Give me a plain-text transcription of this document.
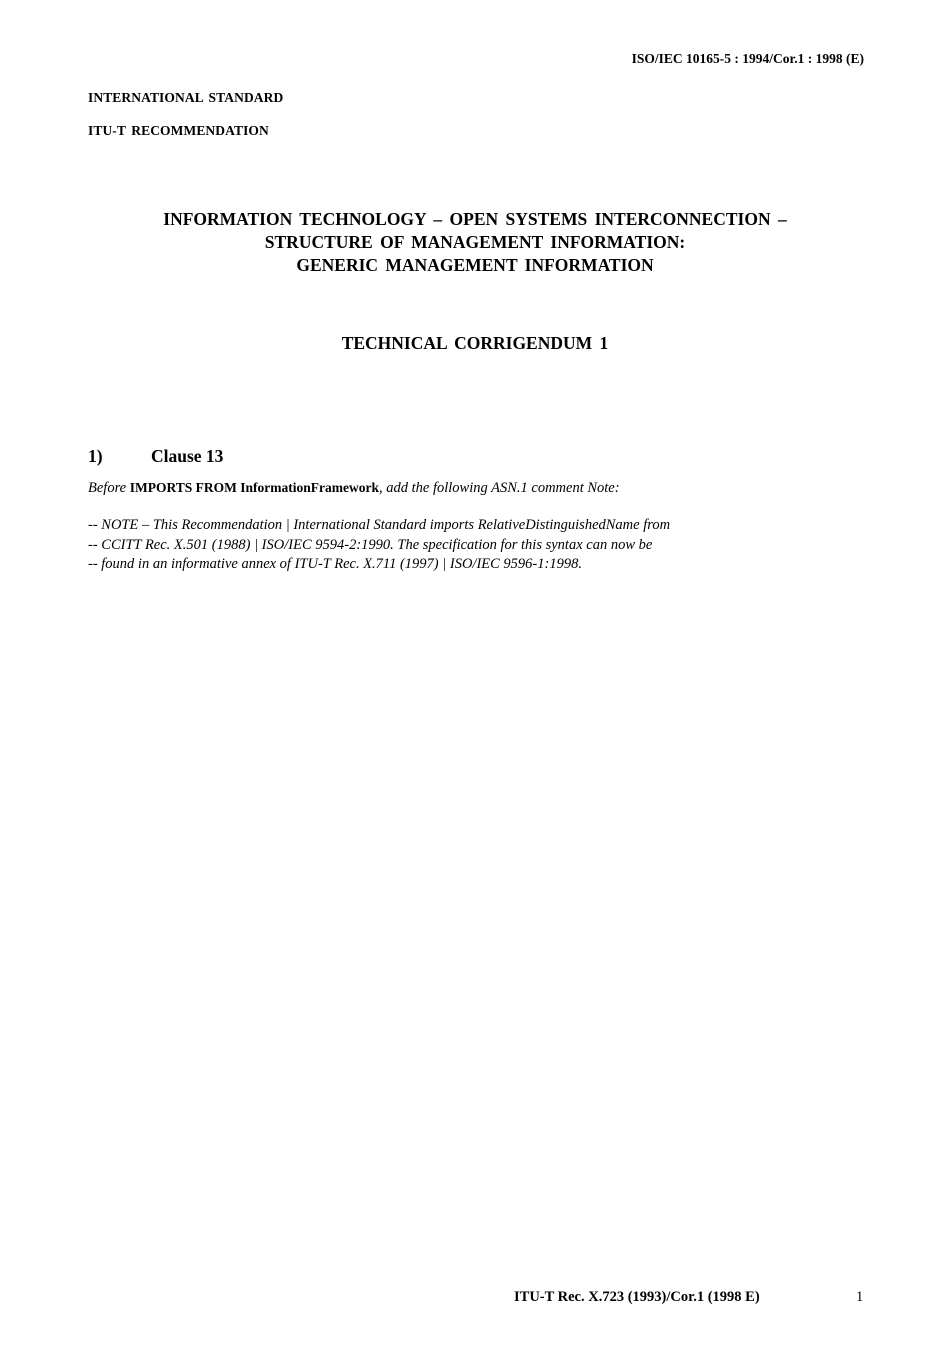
ISO/IEC 10165-5 : 1994/Cor.1 : 1998 (E)
INTERNATIONAL STANDARD
ITU-T RECOMMENDATION
INFORMATION TECHNOLOGY – OPEN SYSTEMS INTERCONNECTION –
STRUCTURE OF MANAGEMENT INFORMATION:
GENERIC MANAGEMENT INFORMATION
TECHNICAL CORRIGENDUM 1
1)	Clause 13
Before IMPORTS FROM InformationFramework, add the following ASN.1 comment Note:
-- NOTE – This Recommendation | International Standard imports RelativeDistinguishedName from
-- CCITT Rec. X.501 (1988) | ISO/IEC 9594-2:1990. The specification for this syntax can now be
-- found in an informative annex of ITU-T Rec. X.711 (1997) | ISO/IEC 9596-1:1998.
ITU-T Rec. X.723 (1993)/Cor.1 (1998 E)	1
